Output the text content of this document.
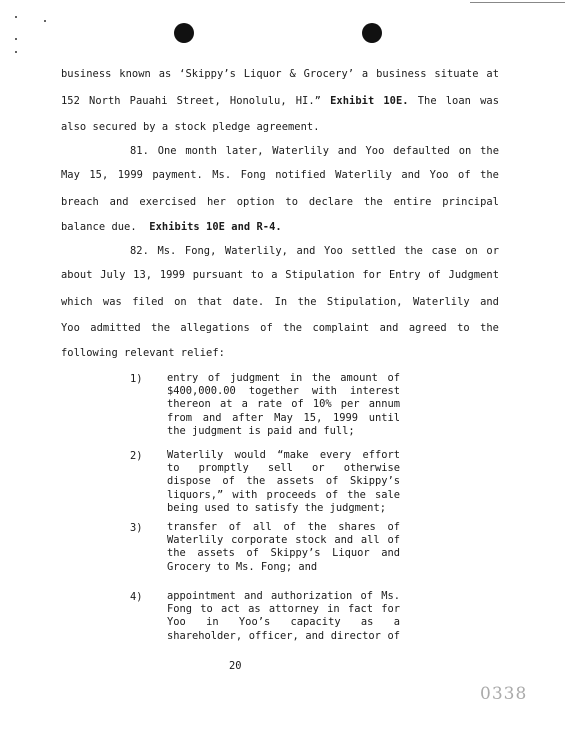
business known as ‘Skippy’s Liquor & Grocery’ a business situate at
152 North Pauahi Street, Honolulu, HI.” Exhibit 10E. The loan was
also secured by a stock pledge agreement.
81. One month later, Waterlily and Yoo defaulted on the
May 15, 1999 payment. Ms. Fong notified Waterlily and Yoo of the
breach and exercised her option to declare the entire principal
balance due. Exhibits 10E and R-4.
82. Ms. Fong, Waterlily, and Yoo settled the case on or
about July 13, 1999 pursuant to a Stipulation for Entry of Judgment
which was filed on that date. In the Stipulation, Waterlily and
Yoo admitted the allegations of the complaint and agreed to the
following relevant relief:
1) entry of judgment in the amount of
$400,000.00 together with interest
thereon at a rate of 10% per annum
from and after May 15, 1999 until
the judgment is paid and full;
2) Waterlily would “make every effort
to promptly sell or otherwise
dispose of the assets of Skippy’s
liquors,” with proceeds of the sale
being used to satisfy the judgment;
3) transfer of all of the shares of
Waterlily corporate stock and all of
the assets of Skippy’s Liquor and
Grocery to Ms. Fong; and
4) appointment and authorization of Ms.
Fong to act as attorney in fact for
Yoo in Yoo’s capacity as a
shareholder, officer, and director of
20
0338
